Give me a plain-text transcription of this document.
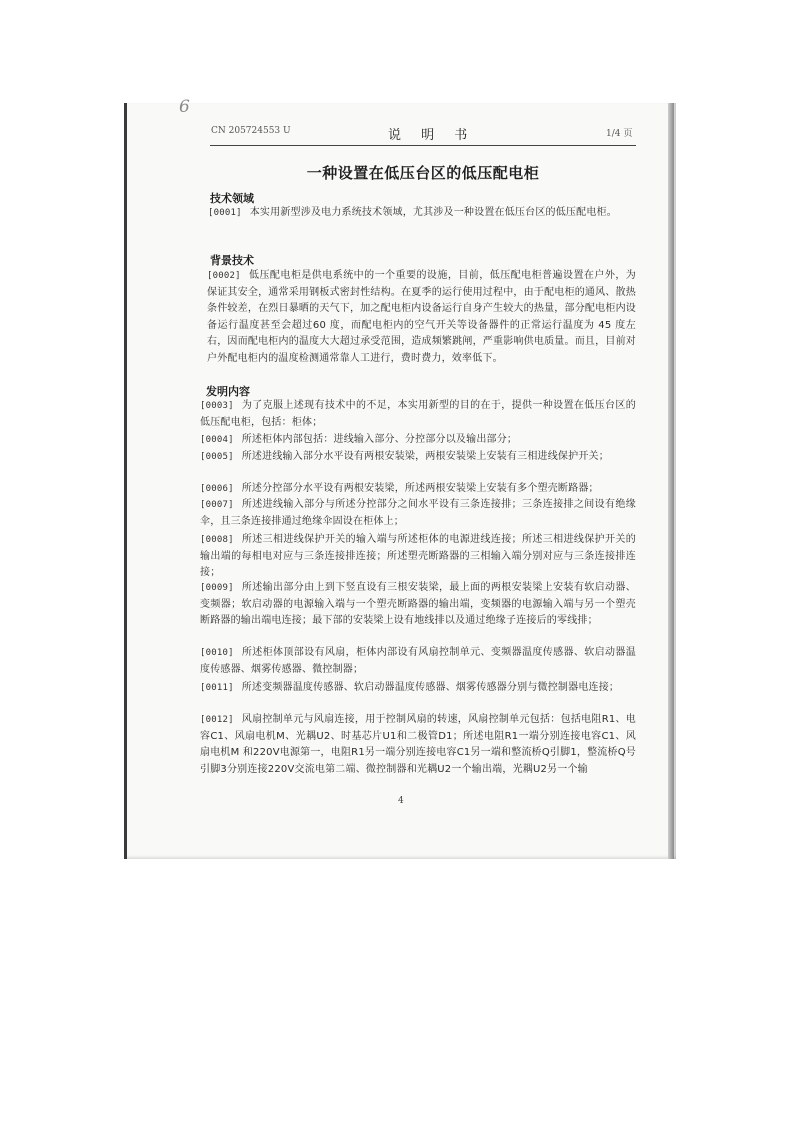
6
CN 205724553 U	说 明 书	1/4 页
一种设置在低压台区的低压配电柜
技术领域
[0001] 本实用新型涉及电力系统技术领域，尤其涉及一种设置在低压台区的低压配电柜。
背景技术
[0002] 低压配电柜是供电系统中的一个重要的设施，目前，低压配电柜普遍设置在户外，为保证其安全，通常采用钢板式密封性结构。在夏季的运行使用过程中，由于配电柜的通风、散热条件较差，在烈日暴晒的天气下，加之配电柜内设备运行自身产生较大的热量，部分配电柜内设备运行温度甚至会超过60 度，而配电柜内的空气开关等设备器件的正常运行温度为 45 度左右，因而配电柜内的温度大大超过承受范围，造成频繁跳闸，严重影响供电质量。而且，目前对户外配电柜内的温度检测通常靠人工进行，费时费力，效率低下。
发明内容
[0003] 为了克服上述现有技术中的不足，本实用新型的目的在于，提供一种设置在低压台区的低压配电柜，包括：柜体；
[0004] 所述柜体内部包括：进线输入部分、分控部分以及输出部分；
[0005] 所述进线输入部分水平设有两根安装梁，两根安装梁上安装有三相进线保护开关；
[0006] 所述分控部分水平设有两根安装梁，所述两根安装梁上安装有多个塑壳断路器；
[0007] 所述进线输入部分与所述分控部分之间水平设有三条连接排；三条连接排之间设有绝缘伞，且三条连接排通过绝缘伞固设在柜体上；
[0008] 所述三相进线保护开关的输入端与所述柜体的电源进线连接；所述三相进线保护开关的输出端的每相电对应与三条连接排连接；所述塑壳断路器的三相输入端分别对应与三条连接排连接；
[0009] 所述输出部分由上到下竖直设有三根安装梁，最上面的两根安装梁上安装有软启动器、变频器；软启动器的电源输入端与一个塑壳断路器的输出端，变频器的电源输入端与另一个塑壳断路器的输出端电连接；最下部的安装梁上设有地线排以及通过绝缘子连接后的零线排；
[0010] 所述柜体顶部设有风扇，柜体内部设有风扇控制单元、变频器温度传感器、软启动器温度传感器、烟雾传感器、微控制器；
[0011] 所述变频器温度传感器、软启动器温度传感器、烟雾传感器分别与微控制器电连接；
[0012] 风扇控制单元与风扇连接，用于控制风扇的转速，风扇控制单元包括：包括电阻R1、电容C1、风扇电机M、光耦U2、时基芯片U1和二极管D1；所述电阻R1一端分别连接电容C1、风扇电机M 和220V电源第一，电阻R1另一端分别连接电容C1另一端和整流桥Q引脚1，整流桥Q号引脚3分别连接220V交流电第二端、微控制器和光耦U2一个输出端，光耦U2另一个输
4
